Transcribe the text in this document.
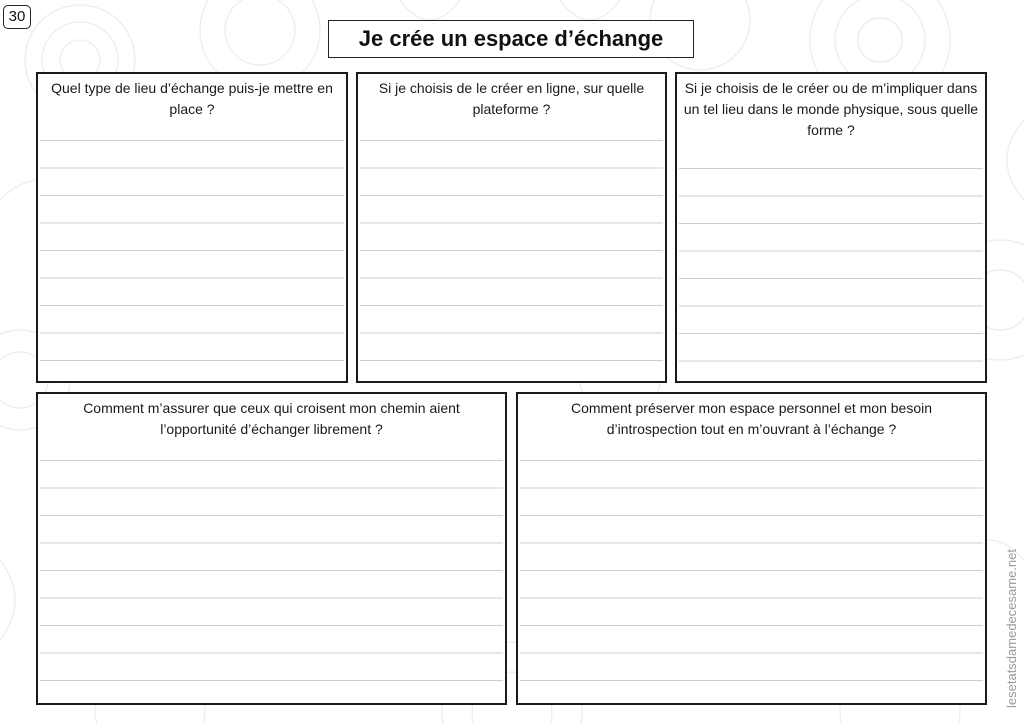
30
Je crée un espace d’échange
Quel type de lieu d’échange puis-je mettre en place ?
Si je choisis de le créer en ligne, sur quelle plateforme ?
Si je choisis de le créer ou de m’impliquer dans un tel lieu dans le monde physique, sous quelle forme ?
Comment m’assurer que ceux qui croisent mon chemin aient l’opportunité d’échanger librement ?
Comment préserver mon espace personnel et mon besoin d’introspection tout en m’ouvrant à l’échange ?
lesetatsdamedecesame.net
